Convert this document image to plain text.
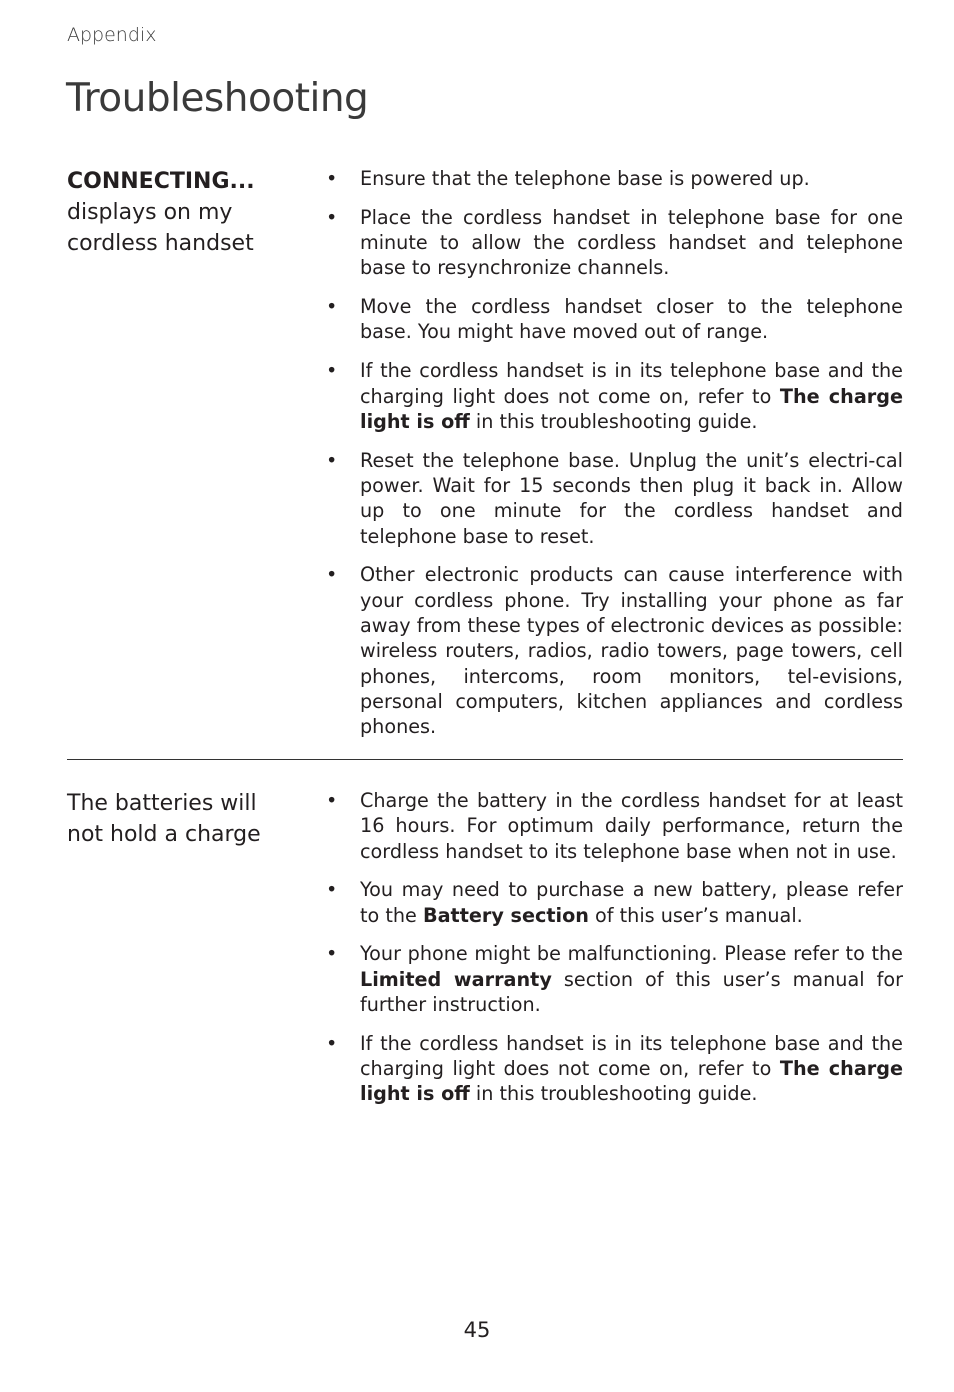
Appendix
Troubleshooting
CONNECTING...
displays on my
cordless handset
• Ensure that the telephone base is powered up.
• Place the cordless handset in telephone base for one minute to allow the cordless handset and telephone base to resynchronize channels.
• Move the cordless handset closer to the telephone base. You might have moved out of range.
• If the cordless handset is in its telephone base and the charging light does not come on, refer to The charge light is off in this troubleshooting guide.
• Reset the telephone base. Unplug the unit’s electri-cal power. Wait for 15 seconds then plug it back in. Allow up to one minute for the cordless handset and telephone base to reset.
• Other electronic products can cause interference with your cordless phone. Try installing your phone as far away from these types of electronic devices as possible: wireless routers, radios, radio towers, page towers, cell phones, intercoms, room monitors, tel-evisions, personal computers, kitchen appliances and cordless phones.
The batteries will
not hold a charge
• Charge the battery in the cordless handset for at least 16 hours. For optimum daily performance, return the cordless handset to its telephone base when not in use.
• You may need to purchase a new battery, please refer to the Battery section of this user’s manual.
• Your phone might be malfunctioning. Please refer to the Limited warranty section of this user’s manual for further instruction.
• If the cordless handset is in its telephone base and the charging light does not come on, refer to The charge light is off in this troubleshooting guide.
45
